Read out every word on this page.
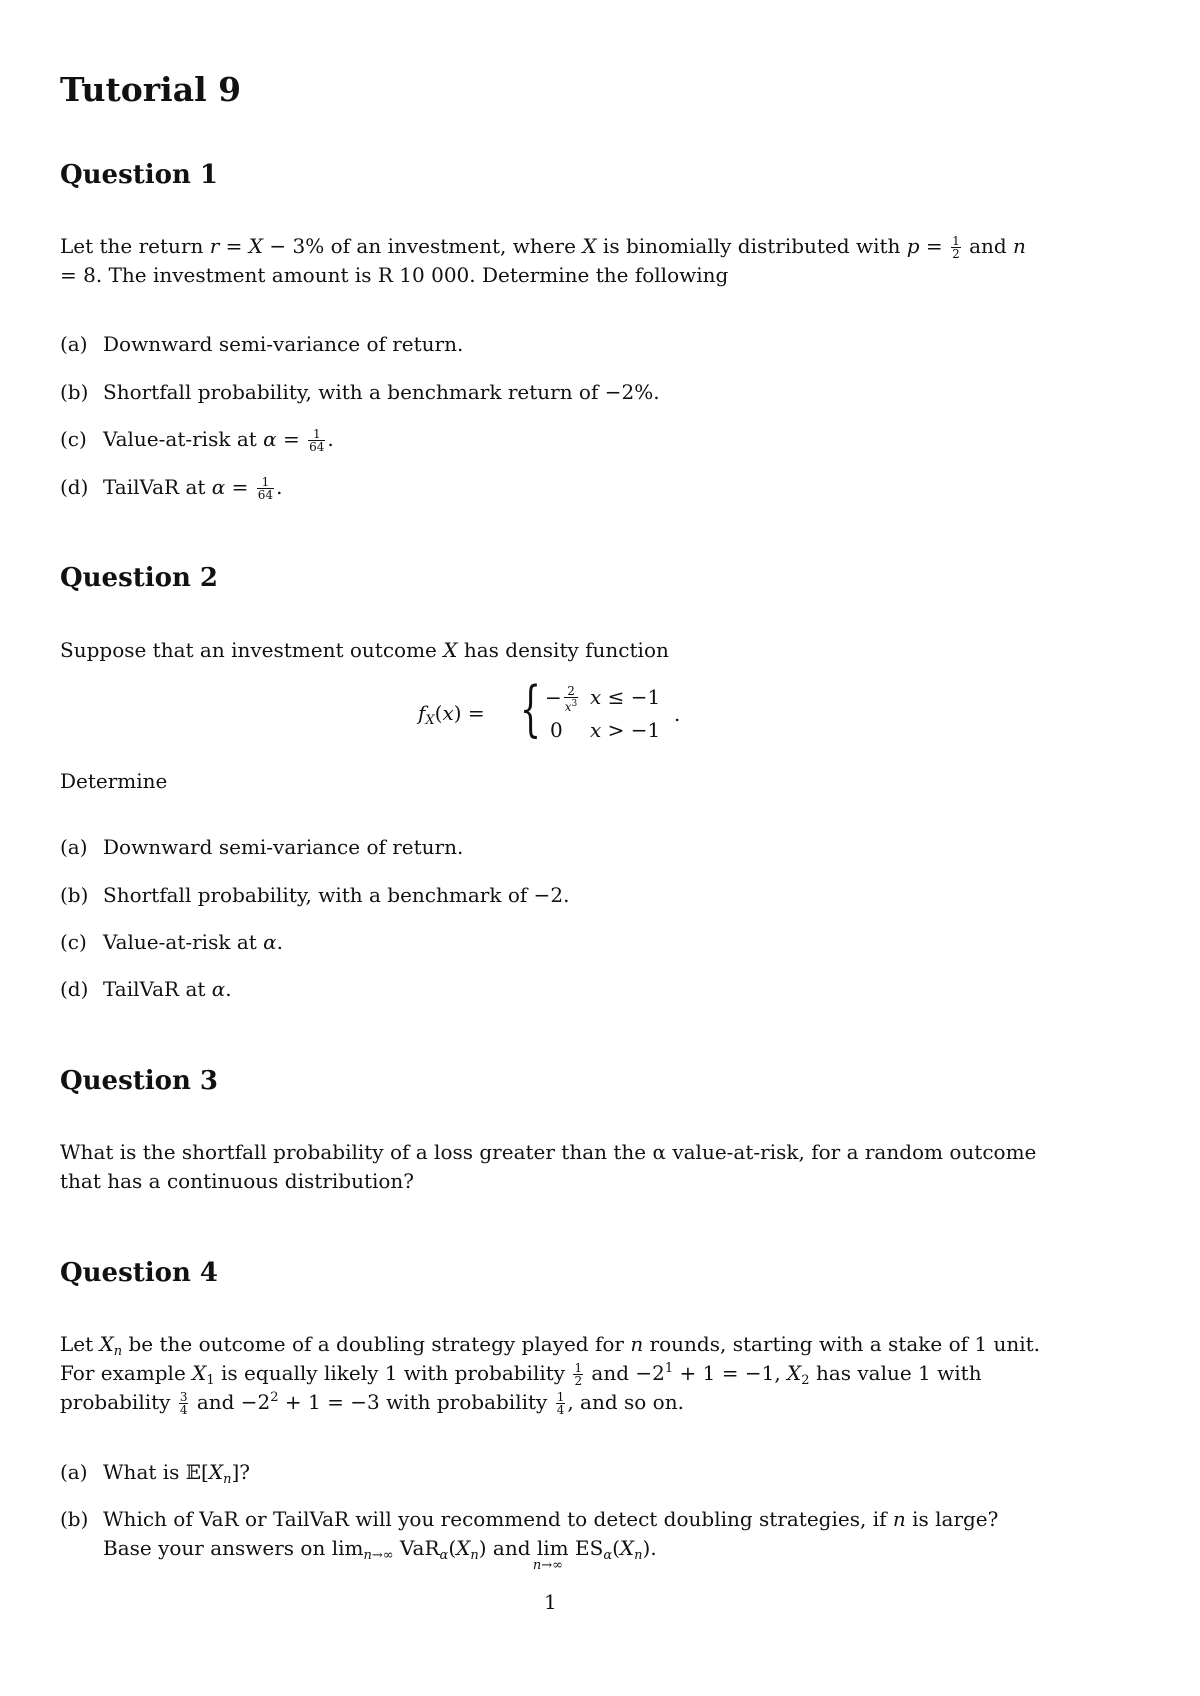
Tutorial 9
Question 1
Let the return r = X − 3% of an investment, where X is binomially distributed with $p = \frac{1}{2}$ and n = 8. The investment amount is R 10 000. Determine the following
(a) Downward semi-variance of return.
(b) Shortfall probability, with a benchmark return of −2%.
(c) Value-at-risk at $\alpha = \frac{1}{64}$ .
(d) TailVaR at $\alpha = \frac{1}{64}$ .
Question 2
Suppose that an investment outcome X has density function
$f_X(x)$ = { − $\frac{2}{x^3}$
0
x ≤ −1
x > −1
.
Determine
(a) Downward semi-variance of return.
(b) Shortfall probability, with a benchmark of −2.
(c) Value-at-risk at α.
(d) TailVaR at α.
Question 3
What is the shortfall probability of a loss greater than the α value-at-risk, for a random outcome that has a continuous distribution?
Question 4
Let $X_n$ be the outcome of a doubling strategy played for n rounds, starting with a stake of 1 unit. For example $X_1$ is equally likely 1 with probability $\frac{1}{2}$ and $-2^1 + 1 = -1$, $X_2$ has value 1 with probability $\frac{3}{4}$ and $-2^2 + 1 = -3$ with probability $\frac{1}{4}$ , and so on.
(a) What is $𝔼[X_n]$?
(b) Which of VaR or TailVaR will you recommend to detect doubling strategies, if n is large?
Base your answers on $\lim_{n\to\infty} VaR_\alpha(X_n)$ and lim
n→∞
$ES_\alpha(X_n)$.
1
